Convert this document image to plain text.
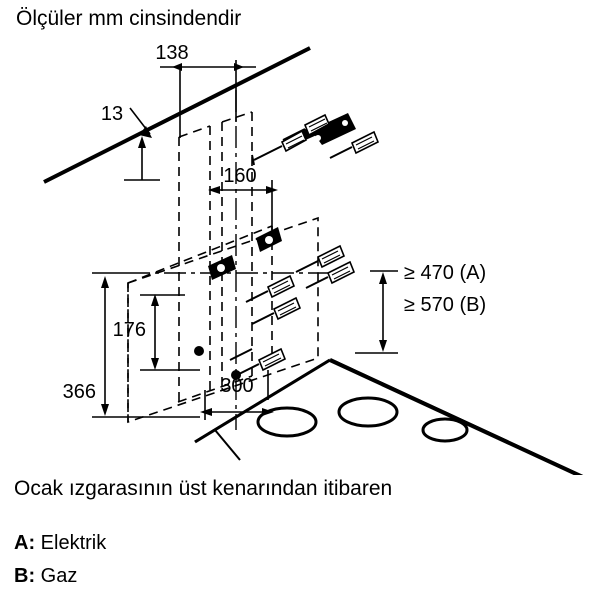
Ölçüler mm cinsindendir
138
13
160
176
366	300
≥ 470 (A)
≥ 570 (B)
Ocak ızgarasının üst kenarından itibaren
A: Elektrik
B: Gaz
